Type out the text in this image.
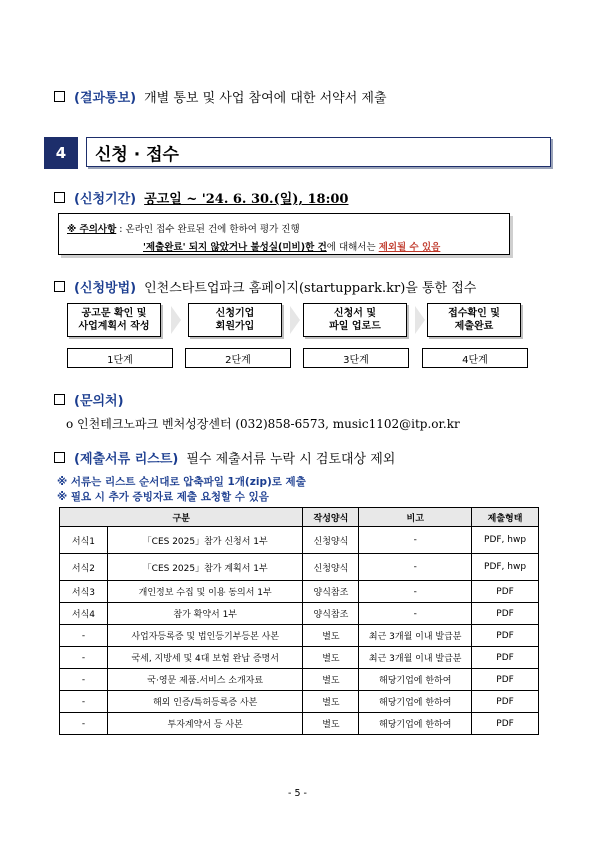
(결과통보) 개별 통보 및 사업 참여에 대한 서약서 제출
4	신청 · 접수
(신청기간) 공고일 ~ '24. 6. 30.(일), 18:00
※ 주의사항 : 온라인 접수 완료된 건에 한하여 평가 진행
'제출완료' 되지 않았거나 불성실(미비)한 건에 대해서는 제외될 수 있음
(신청방법) 인천스타트업파크 홈페이지(startuppark.kr)을 통한 접수
공고문 확인 및
사업계획서 작성
신청기업
회원가입
신청서 및
파일 업로드
접수확인 및
제출완료
1단계	2단계	3단계	4단계
(문의처)
o 인천테크노파크 벤처성장센터 (032)858-6573, music1102@itp.or.kr
(제출서류 리스트) 필수 제출서류 누락 시 검토대상 제외
※ 서류는 리스트 순서대로 압축파일 1개(zip)로 제출
※ 필요 시 추가 증빙자료 제출 요청할 수 있음
구분		작성양식	비고	제출형태
서식1	「CES 2025」참가 신청서 1부	신청양식	-	PDF, hwp
서식2	「CES 2025」참가 계획서 1부	신청양식	-	PDF, hwp
서식3	개인정보 수집 및 이용 동의서 1부	양식참조	-	PDF
서식4	참가 확약서 1부	양식참조	-	PDF
-	사업자등록증 및 법인등기부등본 사본	별도	최근 3개월 이내 발급분	PDF
-	국세, 지방세 및 4대 보험 완납 증명서	별도	최근 3개월 이내 발급분	PDF
-	국·영문 제품.서비스 소개자료	별도	해당기업에 한하여	PDF
-	해외 인증/특허등록증 사본	별도	해당기업에 한하여	PDF
-	투자계약서 등 사본	별도	해당기업에 한하여	PDF
- 5 -
